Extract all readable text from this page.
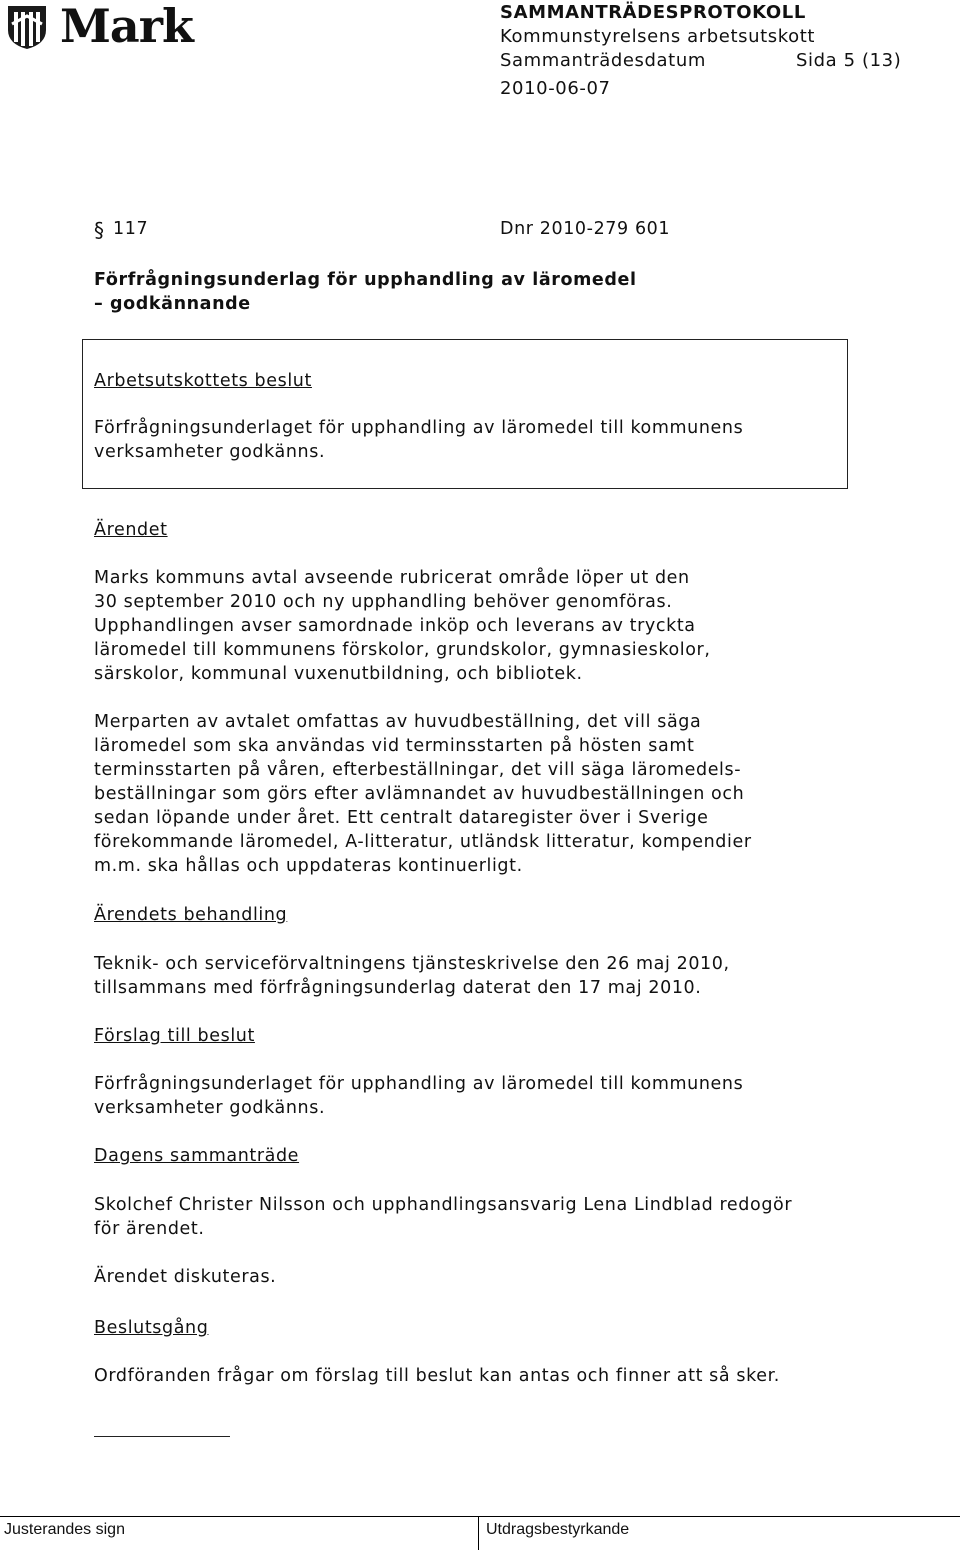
Mark	SAMMANTRÄDESPROTOKOLL
Kommunstyrelsens arbetsutskott
Sammanträdesdatum	Sida 5 (13)
2010-06-07
§ 117	Dnr 2010-279 601
Förfrågningsunderlag för upphandling av läromedel
– godkännande
Arbetsutskottets beslut
Förfrågningsunderlaget för upphandling av läromedel till kommunens
verksamheter godkänns.
Ärendet
Marks kommuns avtal avseende rubricerat område löper ut den
30 september 2010 och ny upphandling behöver genomföras.
Upphandlingen avser samordnade inköp och leverans av tryckta
läromedel till kommunens förskolor, grundskolor, gymnasieskolor,
särskolor, kommunal vuxenutbildning, och bibliotek.
Merparten av avtalet omfattas av huvudbeställning, det vill säga
läromedel som ska användas vid terminsstarten på hösten samt
terminsstarten på våren, efterbeställningar, det vill säga läromedels-
beställningar som görs efter avlämnandet av huvudbeställningen och
sedan löpande under året. Ett centralt dataregister över i Sverige
förekommande läromedel, A-litteratur, utländsk litteratur, kompendier
m.m. ska hållas och uppdateras kontinuerligt.
Ärendets behandling
Teknik- och serviceförvaltningens tjänsteskrivelse den 26 maj 2010,
tillsammans med förfrågningsunderlag daterat den 17 maj 2010.
Förslag till beslut
Förfrågningsunderlaget för upphandling av läromedel till kommunens
verksamheter godkänns.
Dagens sammanträde
Skolchef Christer Nilsson och upphandlingsansvarig Lena Lindblad redogör
för ärendet.
Ärendet diskuteras.
Beslutsgång
Ordföranden frågar om förslag till beslut kan antas och finner att så sker.
Justerandes sign	Utdragsbestyrkande
